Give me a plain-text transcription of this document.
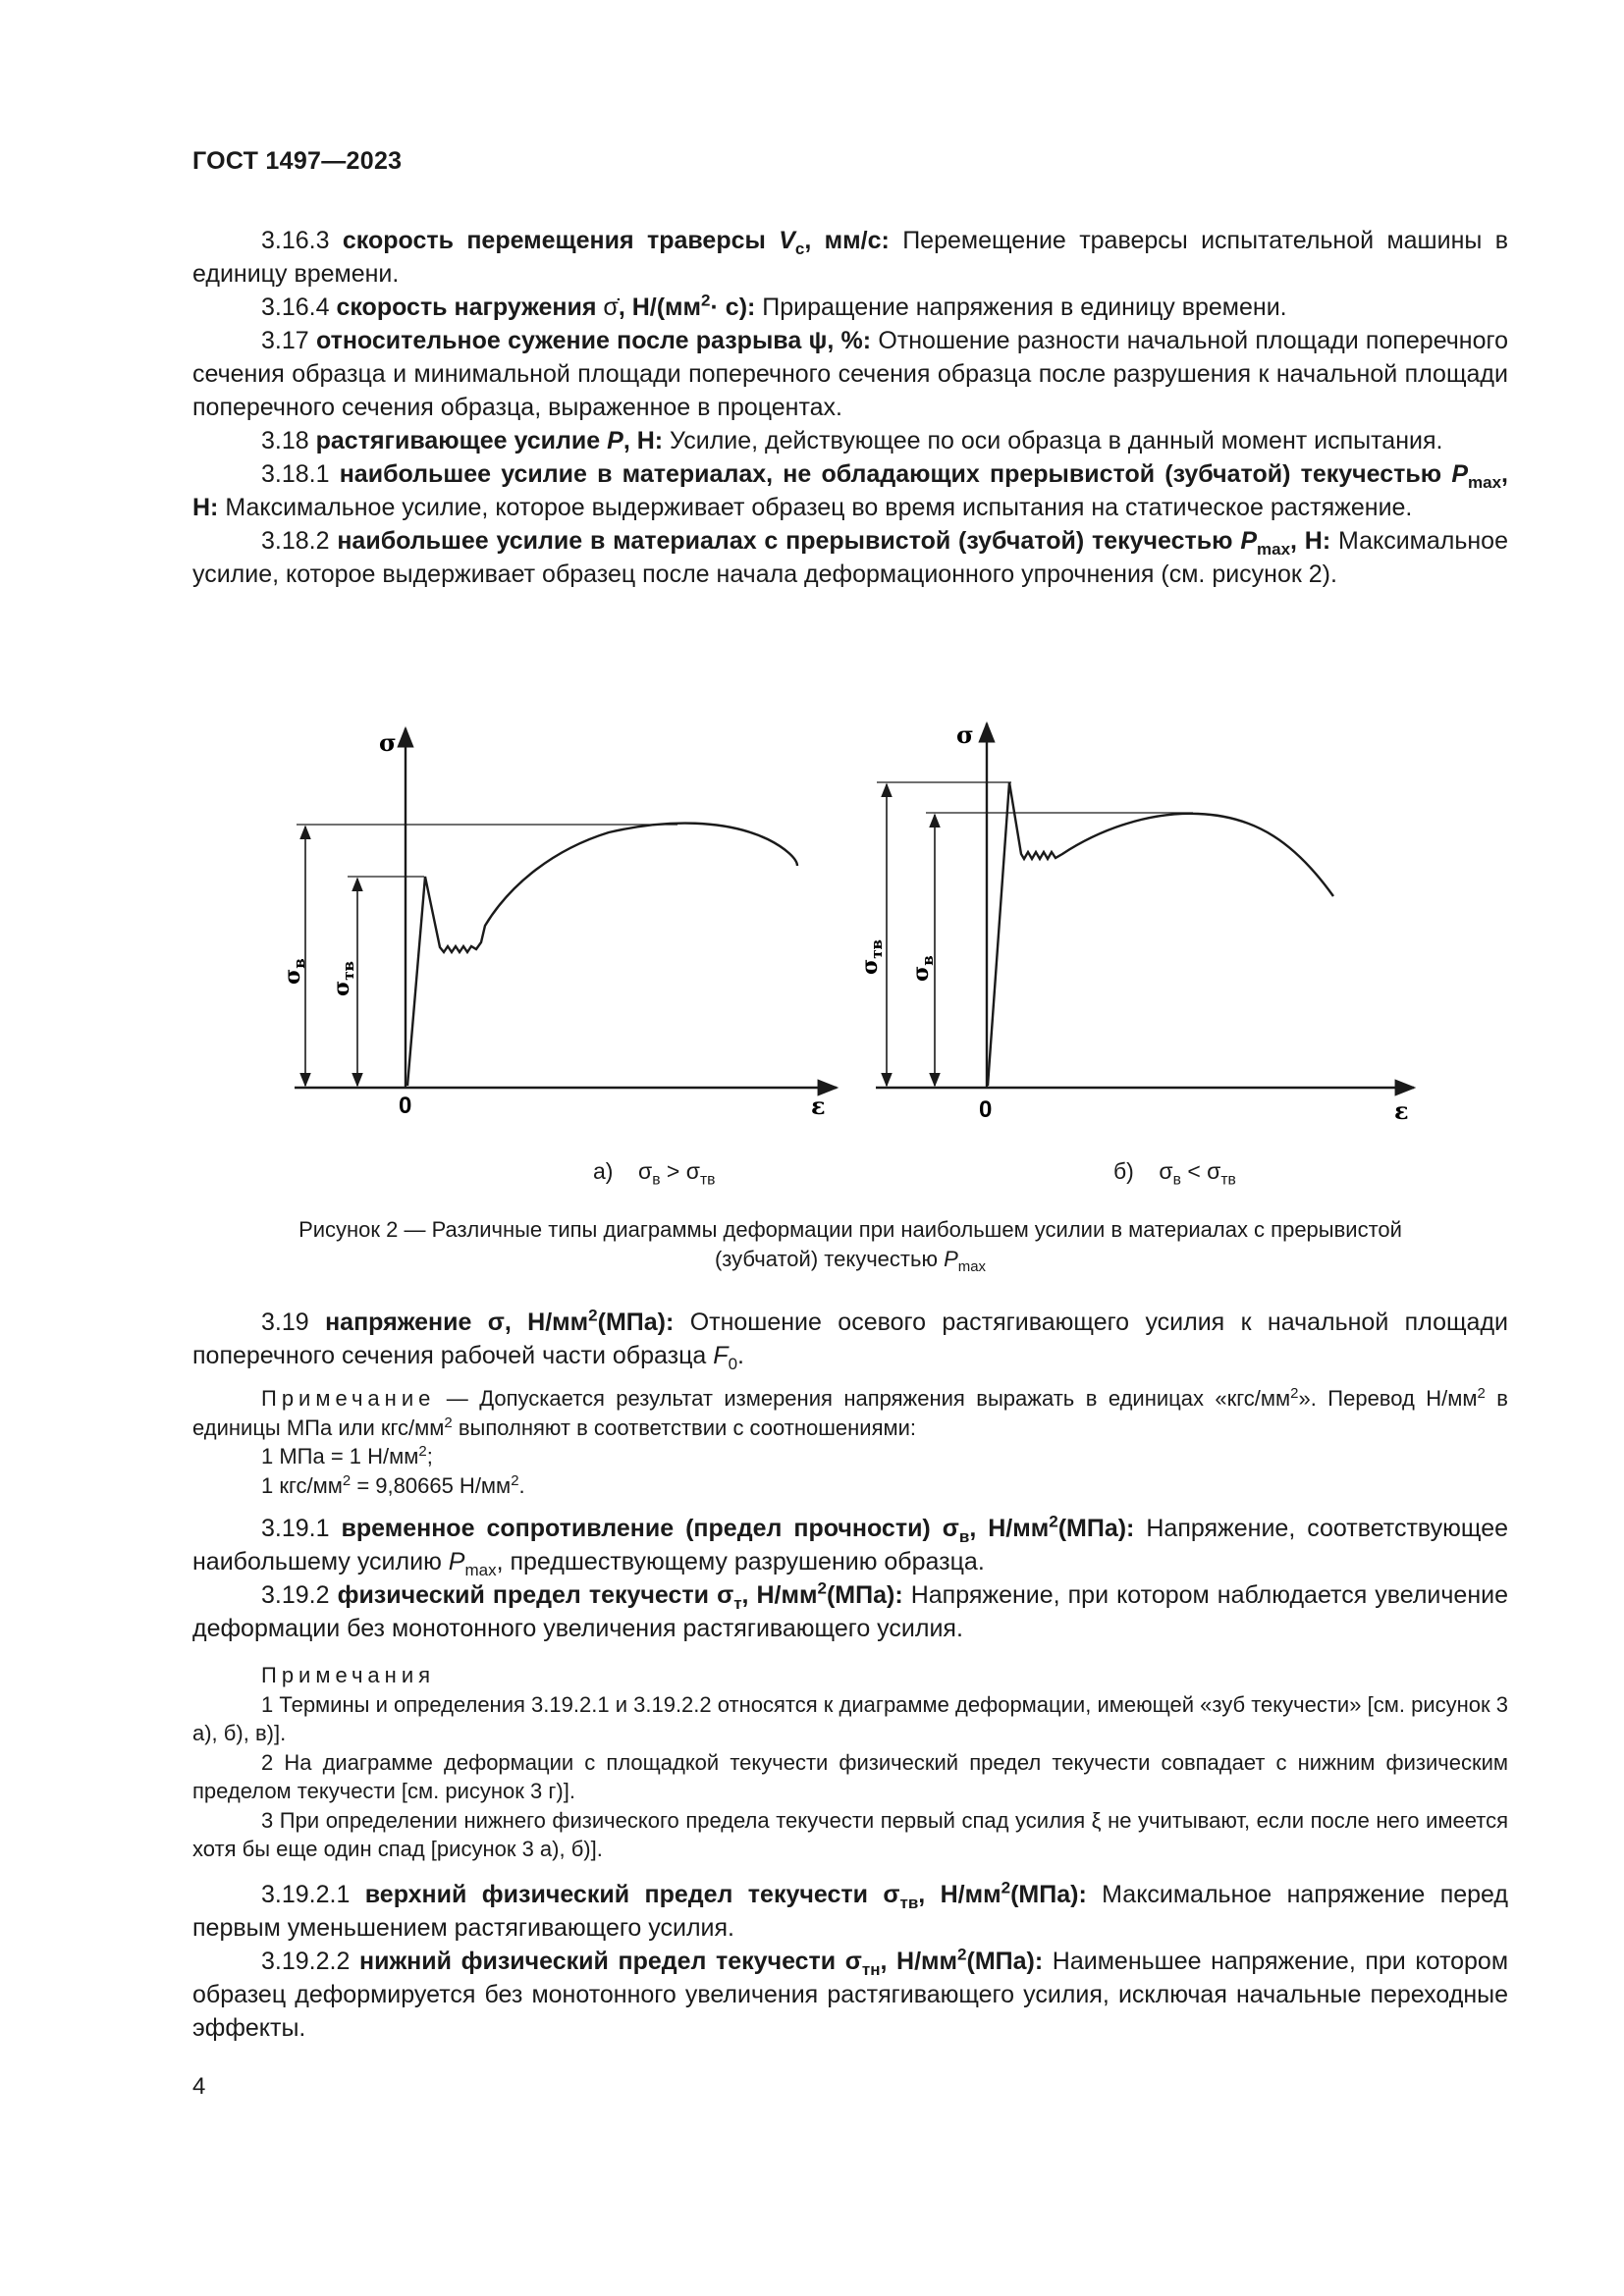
ГОСТ 1497—2023

3.16.3 скорость перемещения траверсы $V_c$, мм/с: Перемещение траверсы испытательной машины в единицу времени.

3.16.4 скорость нагружения σ̇, $Н/(мм^2\cdot с)$: Приращение напряжения в единицу времени.

3.17 относительное сужение после разрыва ψ, %: Отношение разности начальной площади поперечного сечения образца и минимальной площади поперечного сечения образца после разрушения к начальной площади поперечного сечения образца, выраженное в процентах.

3.18 растягивающее усилие P, Н: Усилие, действующее по оси образца в данный момент испытания.

3.18.1 наибольшее усилие в материалах, не обладающих прерывистой (зубчатой) текучестью $P_{max}$, Н: Максимальное усилие, которое выдерживает образец во время испытания на статическое растяжение.

3.18.2 наибольшее усилие в материалах с прерывистой (зубчатой) текучестью $P_{max}$, Н: Максимальное усилие, которое выдерживает образец после начала деформационного упрочнения (см. рисунок 2).

σ
ε
0
$\sigma_в$
$\sigma_{тв}$
σ
ε
0
$\sigma_{тв}$
$\sigma_в$
а) $\sigma_в > \sigma_{тв}$	б) $\sigma_в < \sigma_{тв}$
Рисунок 2 — Различные типы диаграммы деформации при наибольшем усилии в материалах с прерывистой
(зубчатой) текучестью $P_{max}$

3.19 напряжение σ, $Н/мм^2(МПа)$: Отношение осевого растягивающего усилия к начальной площади поперечного сечения рабочей части образца $F_0$.

Примечание — Допускается результат измерения напряжения выражать в единицах «$кгс/мм^2$». Перевод $Н/мм^2$ в единицы МПа или кгс/$мм^2$ выполняют в соответствии с соотношениями:

1 МПа = 1 $Н/мм^2$;

1 кгс/$мм^2 = 9,80665$ $Н/мм^2$.

3.19.1 временное сопротивление (предел прочности) $\sigma_в$, $Н/мм^2(МПа)$: Напряжение, соответствующее наибольшему усилию $P_{max}$, предшествующему разрушению образца.

3.19.2 физический предел текучести $\sigma_т$, $Н/мм^2(МПа)$: Напряжение, при котором наблюдается увеличение деформации без монотонного увеличения растягивающего усилия.

Примечания

1 Термины и определения 3.19.2.1 и 3.19.2.2 относятся к диаграмме деформации, имеющей «зуб текучести» [см. рисунок 3 а), б), в)].

2 На диаграмме деформации с площадкой текучести физический предел текучести совпадает с нижним физическим пределом текучести [см. рисунок 3 г)].

3 При определении нижнего физического предела текучести первый спад усилия ξ не учитывают, если после него имеется хотя бы еще один спад [рисунок 3 а), б)].

3.19.2.1 верхний физический предел текучести $\sigma_{тв}$, $Н/мм^2(МПа)$: Максимальное напряжение перед первым уменьшением растягивающего усилия.

3.19.2.2 нижний физический предел текучести $\sigma_{тн}$, $Н/мм^2(МПа)$: Наименьшее напряжение, при котором образец деформируется без монотонного увеличения растягивающего усилия, исключая начальные переходные эффекты.

4
